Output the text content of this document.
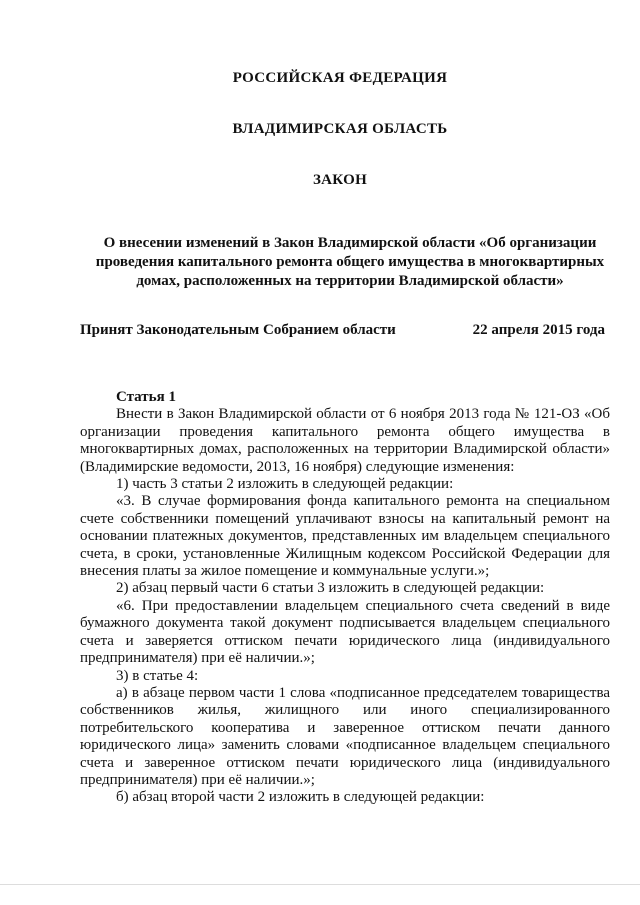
РОССИЙСКАЯ ФЕДЕРАЦИЯ
ВЛАДИМИРСКАЯ ОБЛАСТЬ
ЗАКОН
О внесении изменений в Закон Владимирской области «Об организации проведения капитального ремонта общего имущества в многоквартирных домах, расположенных на территории Владимирской области»
Принят Законодательным Собранием области	22 апреля 2015 года
Статья 1

Внести в Закон Владимирской области от 6 ноября 2013 года № 121-ОЗ «Об организации проведения капитального ремонта общего имущества в многоквартирных домах, расположенных на территории Владимирской области» (Владимирские ведомости, 2013, 16 ноября) следующие изменения:

1) часть 3 статьи 2 изложить в следующей редакции:

«3. В случае формирования фонда капитального ремонта на специальном счете собственники помещений уплачивают взносы на капитальный ремонт на основании платежных документов, представленных им владельцем специального счета, в сроки, установленные Жилищным кодексом Российской Федерации для внесения платы за жилое помещение и коммунальные услуги.»;

2) абзац первый части 6 статьи 3 изложить в следующей редакции:

«6. При предоставлении владельцем специального счета сведений в виде бумажного документа такой документ подписывается владельцем специального счета и заверяется оттиском печати юридического лица (индивидуального предпринимателя) при её наличии.»;

3) в статье 4:

а) в абзаце первом части 1 слова «подписанное председателем товарищества собственников жилья, жилищного или иного специализированного потребительского кооператива и заверенное оттиском печати данного юридического лица» заменить словами «подписанное владельцем специального счета и заверенное оттиском печати юридического лица (индивидуального предпринимателя) при её наличии.»;

б) абзац второй части 2 изложить в следующей редакции:
